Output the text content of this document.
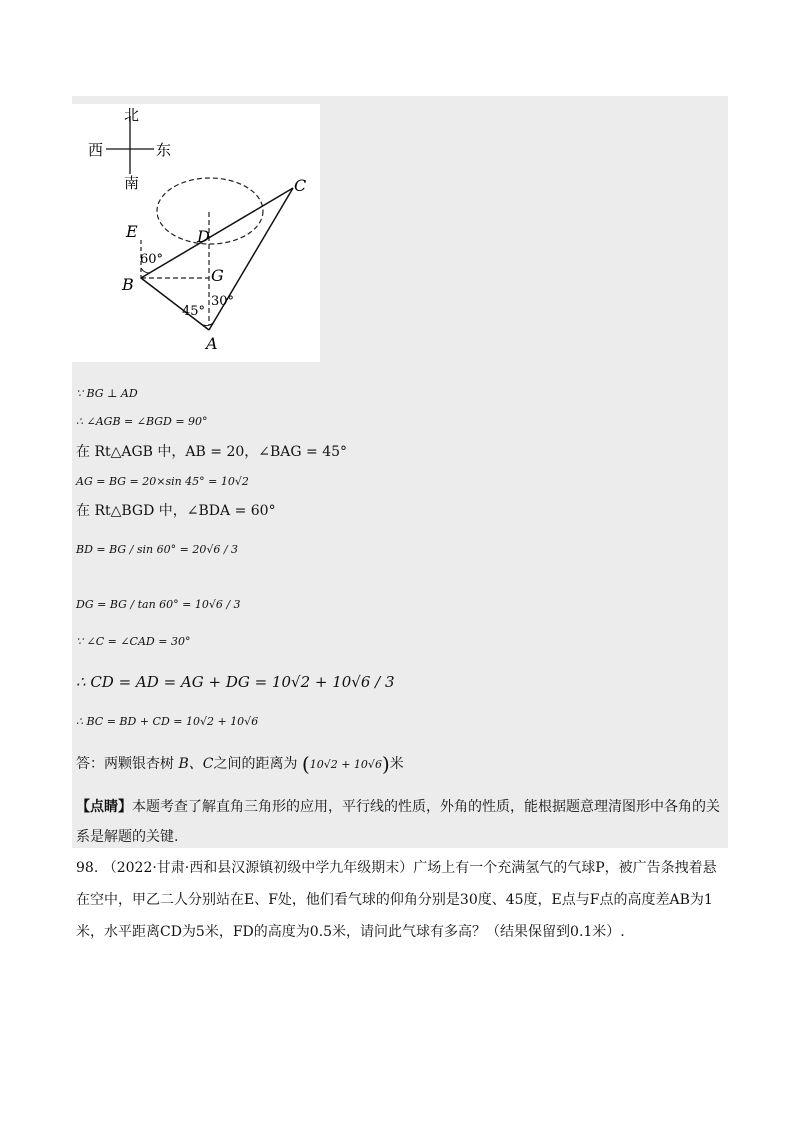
北
南
西	东
C
D
E
B	G
A
60°
45°
30°
∵ BG ⊥ AD
∴ ∠AGB = ∠BGD = 90°
在 Rt△AGB 中，AB = 20，∠BAG = 45°
AG = BG = 20×sin 45° = 10√2
在 Rt△BGD 中，∠BDA = 60°
BD = BG / sin 60° = 20√6 / 3
DG = BG / tan 60° = 10√6 / 3
∵ ∠C = ∠CAD = 30°
∴ CD = AD = AG + DG = 10√2 + 10√6 / 3
∴ BC = BD + CD = 10√2 + 10√6
答：两颗银杏树 B、C之间的距离为 (10√2 + 10√6)米
【点睛】本题考查了解直角三角形的应用，平行线的性质，外角的性质，能根据题意理清图形中各角的关系是解题的关键.
98. （2022·甘肃·西和县汉源镇初级中学九年级期末）广场上有一个充满氢气的气球P，被广告条拽着悬在空中，甲乙二人分别站在E、F处，他们看气球的仰角分别是30度、45度，E点与F点的高度差AB为1米，水平距离CD为5米，FD的高度为0.5米，请问此气球有多高？（结果保留到0.1米）.
